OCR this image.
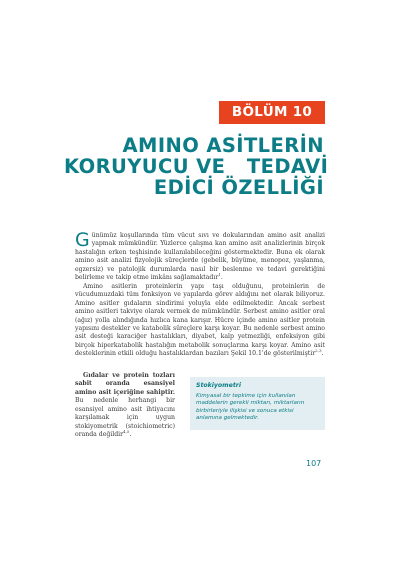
BÖLÜM 10
AMINO ASİTLERİN
KORUYUCU VE   TEDAVİ
EDİCİ ÖZELLİĞİ

Günümüz koşullarında tüm vücut sıvı ve dokularından amino asit analizi yapmak mümkündür. Yüzlerce çalışma kan amino asit analizlerinin birçok hastalığın erken teşhisinde kullanılabileceğini göstermektedir. Buna ek olarak amino asit analizi fizyolojik süreçlerde (gebelik, büyüme, menopoz, yaşlanma, egzersiz) ve patolojik durumlarda nasıl bir beslenme ve tedavi gerektiğini belirleme ve takip etme imkânı sağlamaktadır$^1$.

Amino asitlerin proteinlerin yapı taşı olduğunu, proteinlerin de vücudumuzdaki tüm fonksiyon ve yapılarda görev aldığını net olarak biliyoruz. Amino asitler gıdaların sindirimi yoluyla elde edilmektedir. Ancak serbest amino asitleri takviye olarak vermek de mümkündür. Serbest amino asitler oral (ağız) yolla alındığında hızlıca kana karışır. Hücre içinde amino asitler protein yapısını destekler ve katabolik süreçlere karşı koyar. Bu nedenle serbest amino asit desteği karaciğer hastalıkları, diyabet, kalp yetmezliği, enfeksiyon gibi birçok hiperkatabolik hastalığın metabolik sonuçlarına karşı koyar. Amino asit desteklerinin etkili olduğu hastalıklardan bazıları Şekil 10.1'de gösterilmiştir$^{2,3}$.

Gıdalar ve protein tozları sabit oranda esansiyel amino asit içeriğine sahiptir. Bu nedenle herhangi bir esansiyel amino asit ihtiyacını karşılamak için uygun stokiyometrik (stoichiometric) oranda değildir$^{4,5}$.

Stokiyometri
Kimyasal bir tepkime için kullanılan maddelerin gerekli miktarı, miktarların birbirleriyle ilişkisi ve sonuca etkisi anlamına gelmektedir.
107
